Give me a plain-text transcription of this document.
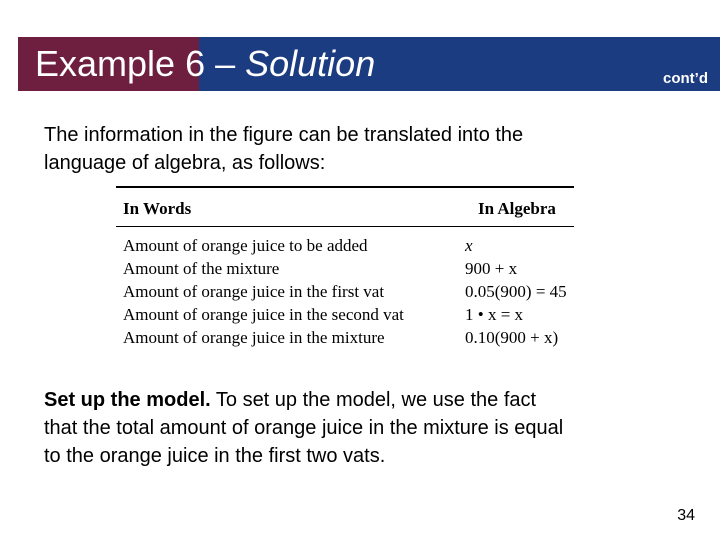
Example 6 – Solution	cont’d

The information in the figure can be translated into the

language of algebra, as follows:

In Words	In Algebra
Amount of orange juice to be added	x
Amount of the mixture	900 + x
Amount of orange juice in the first vat	0.05(900) = 45
Amount of orange juice in the second vat	1 • x = x
Amount of orange juice in the mixture	0.10(900 + x)

Set up the model. To set up the model, we use the fact

that the total amount of orange juice in the mixture is equal

to the orange juice in the first two vats.

34
